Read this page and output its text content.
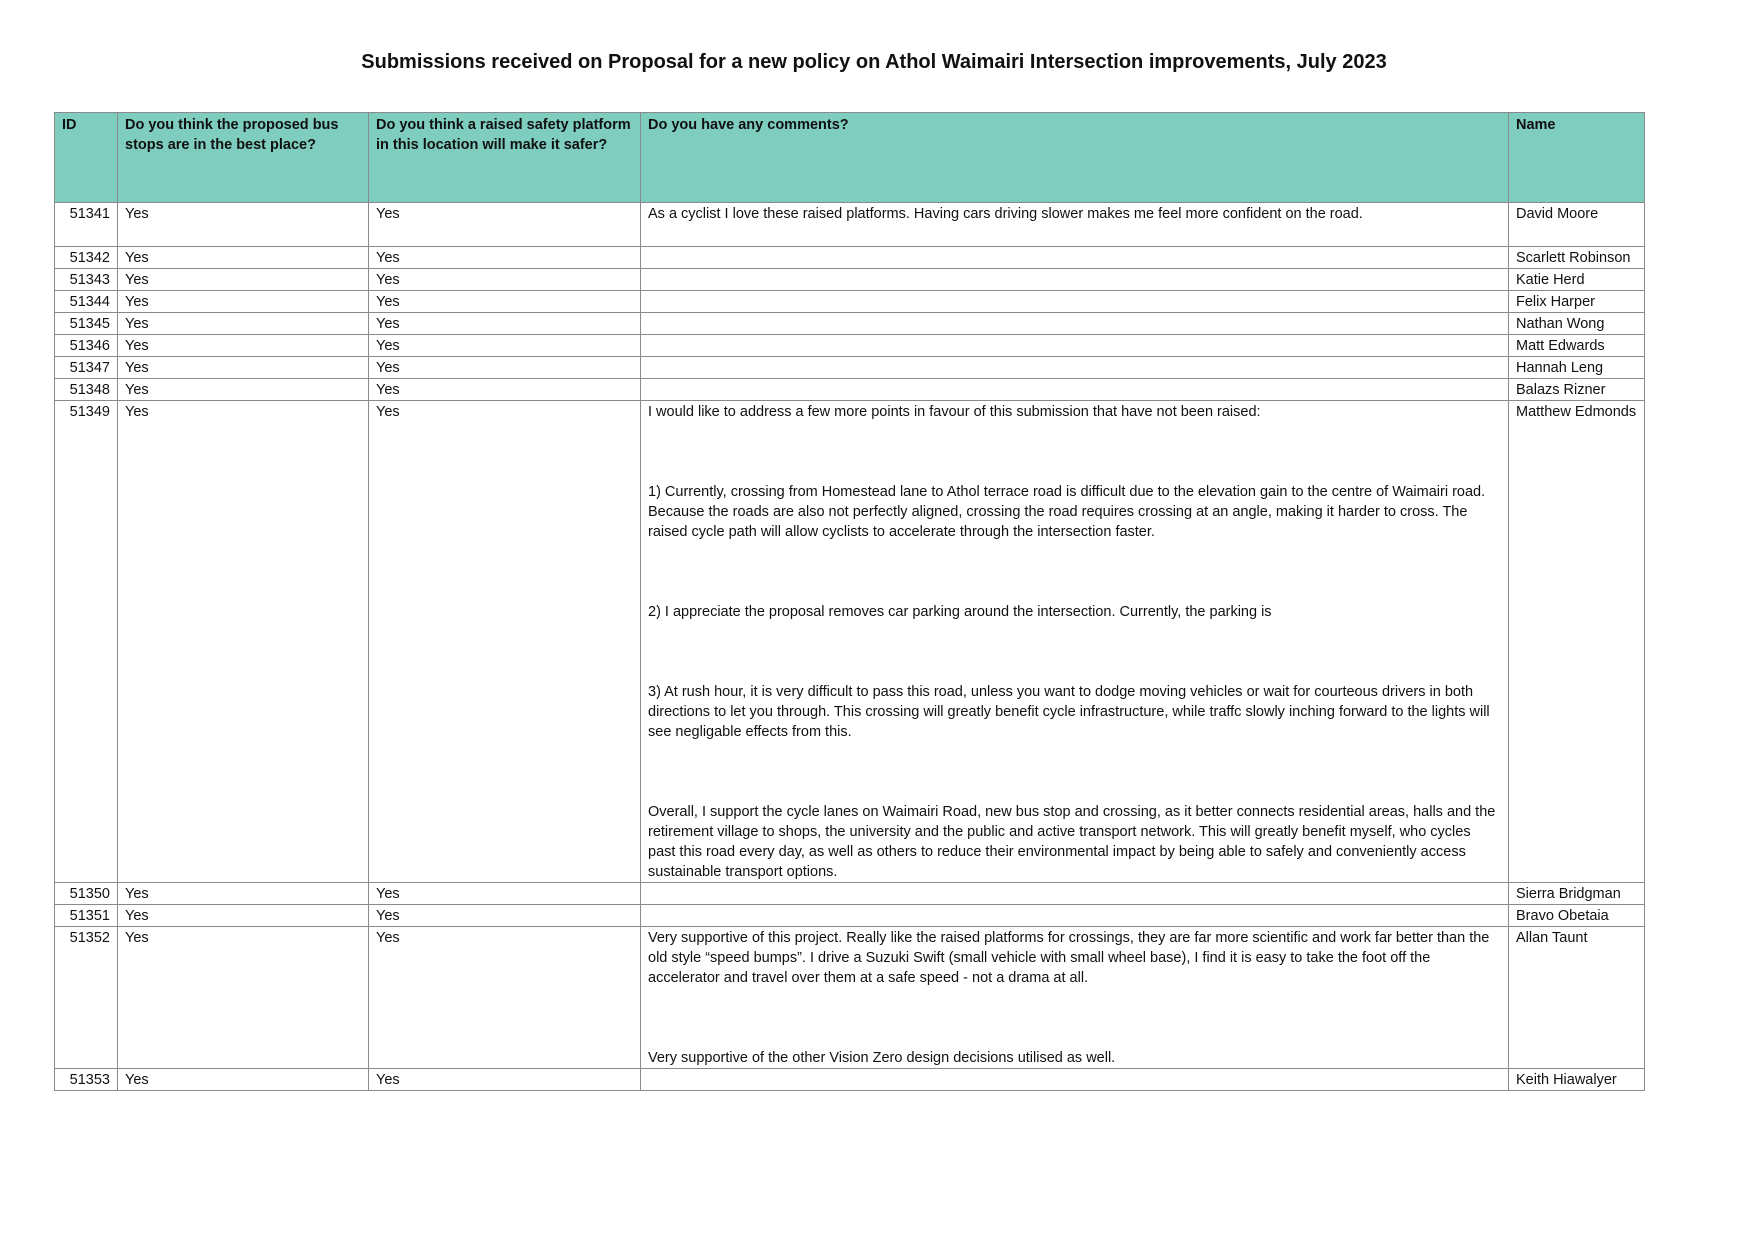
Submissions received on Proposal for a new policy on Athol Waimairi Intersection improvements, July 2023
ID	Do you think the proposed bus stops are in the best place?	Do you think a raised safety platform in this location will make it safer?	Do you have any comments?	Name
51341	Yes	Yes	As a cyclist I love these raised platforms. Having cars driving slower makes me feel more confident on the road.	David Moore
51342	Yes	Yes		Scarlett Robinson
51343	Yes	Yes		Katie Herd
51344	Yes	Yes		Felix Harper
51345	Yes	Yes		Nathan Wong
51346	Yes	Yes		Matt Edwards
51347	Yes	Yes		Hannah Leng
51348	Yes	Yes		Balazs Rizner
51349	Yes	Yes	I would like to address a few more points in favour of this submission that have not been raised:
1) Currently, crossing from Homestead lane to Athol terrace road is difficult due to the elevation gain to the centre of Waimairi road. Because the roads are also not perfectly aligned, crossing the road requires crossing at an angle, making it harder to cross. The raised cycle path will allow cyclists to accelerate through the intersection faster.
2) I appreciate the proposal removes car parking around the intersection. Currently, the parking is
3) At rush hour, it is very difficult to pass this road, unless you want to dodge moving vehicles or wait for courteous drivers in both directions to let you through. This crossing will greatly benefit cycle infrastructure, while traffc slowly inching forward to the lights will see negligable effects from this.
Overall, I support the cycle lanes on Waimairi Road, new bus stop and crossing, as it better connects residential areas, halls and the retirement village to shops, the university and the public and active transport network. This will greatly benefit myself, who cycles past this road every day, as well as others to reduce their environmental impact by being able to safely and conveniently access sustainable transport options.	Matthew Edmonds
51350	Yes	Yes		Sierra Bridgman
51351	Yes	Yes		Bravo Obetaia
51352	Yes	Yes	Very supportive of this project. Really like the raised platforms for crossings, they are far more scientific and work far better than the old style “speed bumps”. I drive a Suzuki Swift (small vehicle with small wheel base), I find it is easy to take the foot off the accelerator and travel over them at a safe speed - not a drama at all.
Very supportive of the other Vision Zero design decisions utilised as well.	Allan Taunt
51353	Yes	Yes		Keith Hiawalyer
